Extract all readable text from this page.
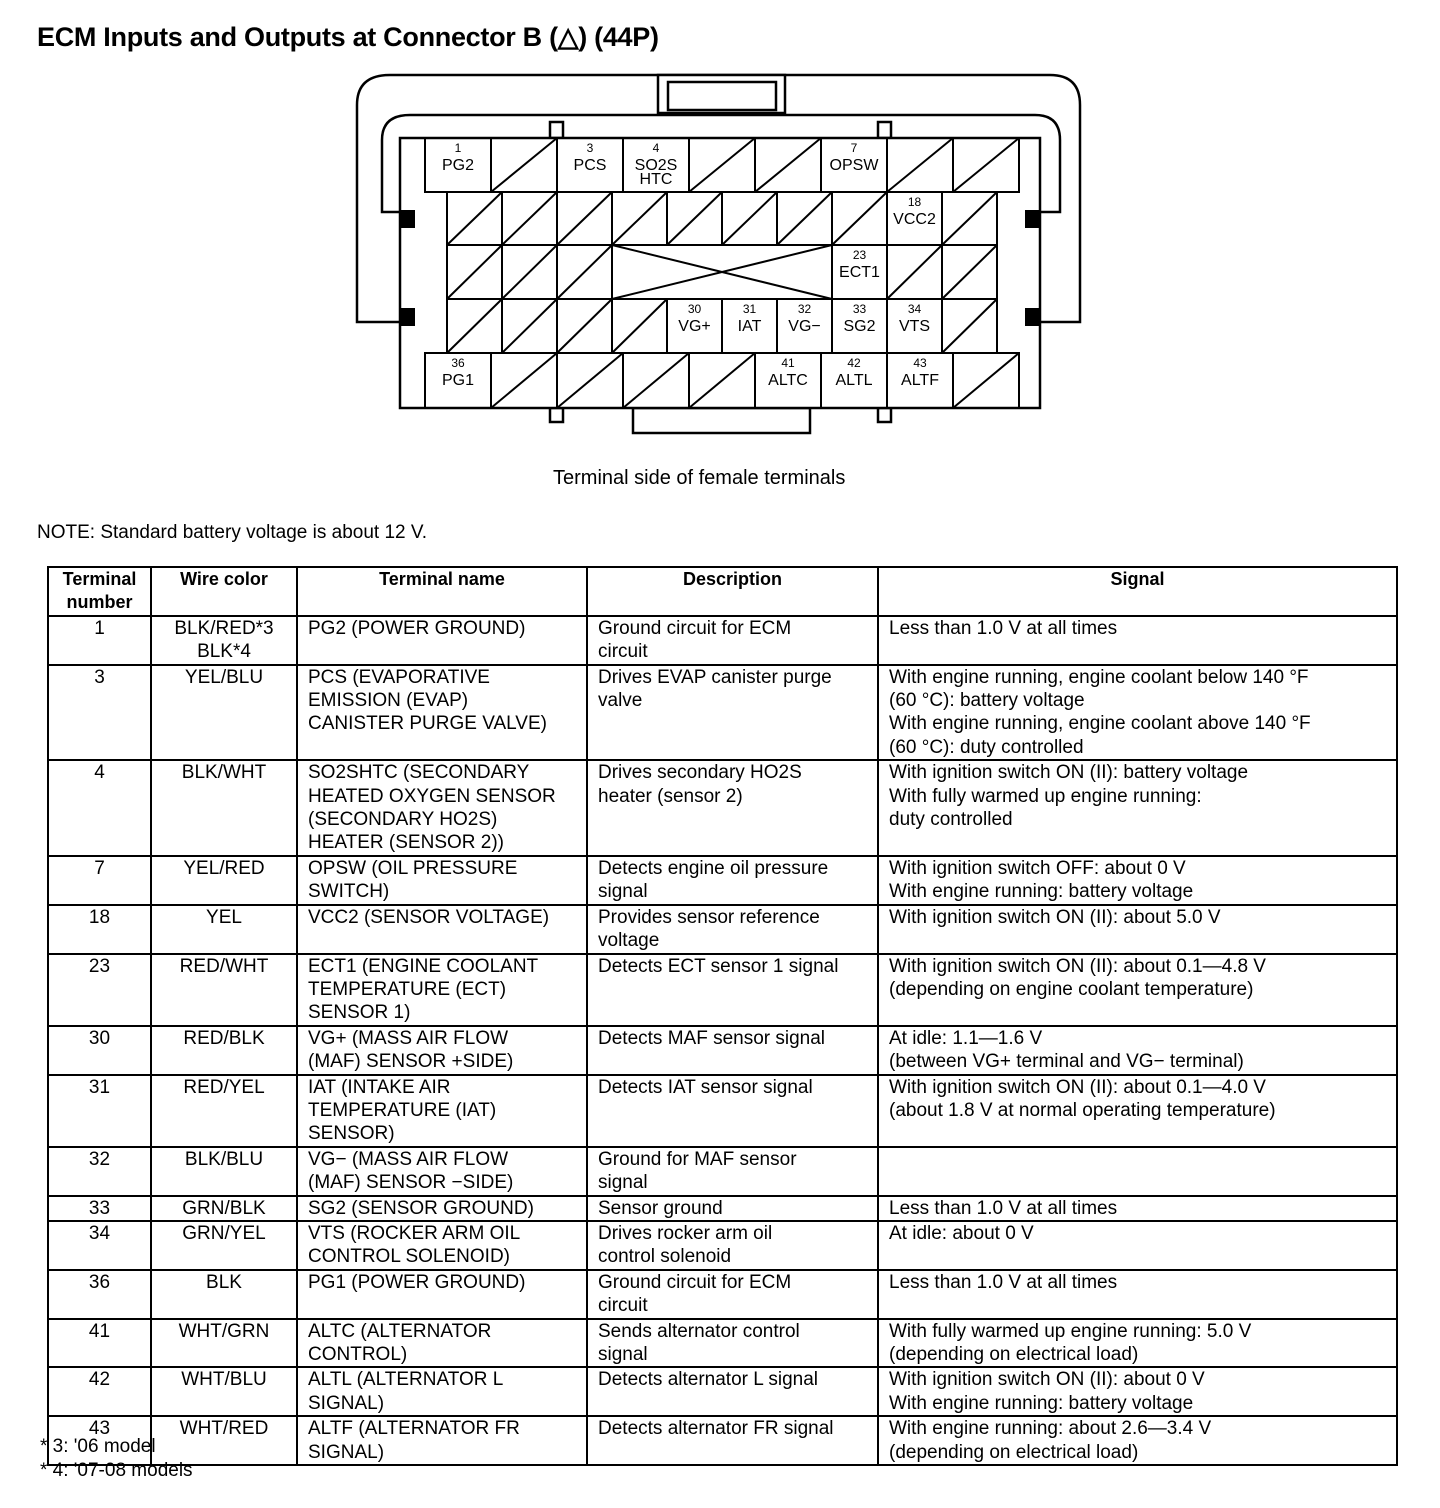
ECM Inputs and Outputs at Connector B (△) (44P)
1
PG2
3
PCS
4
SO2S
HTC
7
OPSW
18
VCC2
23
ECT1
30
VG+
31
IAT
32
VG−
33
SG2
34
VTS
36
PG1
41
ALTC
42
ALTL
43
ALTF
Terminal side of female terminals
NOTE: Standard battery voltage is about 12 V.
Terminal
number	Wire color	Terminal name	Description	Signal
1	BLK/RED*3
BLK*4	PG2 (POWER GROUND)	Ground circuit for ECM
circuit	Less than 1.0 V at all times
3	YEL/BLU	PCS (EVAPORATIVE
EMISSION (EVAP)
CANISTER PURGE VALVE)	Drives EVAP canister purge
valve	With engine running, engine coolant below 140 °F
(60 °C): battery voltage
With engine running, engine coolant above 140 °F
(60 °C): duty controlled
4	BLK/WHT	SO2SHTC (SECONDARY
HEATED OXYGEN SENSOR
(SECONDARY HO2S)
HEATER (SENSOR 2))	Drives secondary HO2S
heater (sensor 2)	With ignition switch ON (II): battery voltage
With fully warmed up engine running:
duty controlled
7	YEL/RED	OPSW (OIL PRESSURE
SWITCH)	Detects engine oil pressure
signal	With ignition switch OFF: about 0 V
With engine running: battery voltage
18	YEL	VCC2 (SENSOR VOLTAGE)	Provides sensor reference
voltage	With ignition switch ON (II): about 5.0 V
23	RED/WHT	ECT1 (ENGINE COOLANT
TEMPERATURE (ECT)
SENSOR 1)	Detects ECT sensor 1 signal	With ignition switch ON (II): about 0.1—4.8 V
(depending on engine coolant temperature)
30	RED/BLK	VG+ (MASS AIR FLOW
(MAF) SENSOR +SIDE)	Detects MAF sensor signal	At idle: 1.1—1.6 V
(between VG+ terminal and VG− terminal)
31	RED/YEL	IAT (INTAKE AIR
TEMPERATURE (IAT)
SENSOR)	Detects IAT sensor signal	With ignition switch ON (II): about 0.1—4.0 V
(about 1.8 V at normal operating temperature)
32	BLK/BLU	VG− (MASS AIR FLOW
(MAF) SENSOR −SIDE)	Ground for MAF sensor
signal	
33	GRN/BLK	SG2 (SENSOR GROUND)	Sensor ground	Less than 1.0 V at all times
34	GRN/YEL	VTS (ROCKER ARM OIL
CONTROL SOLENOID)	Drives rocker arm oil
control solenoid	At idle: about 0 V
36	BLK	PG1 (POWER GROUND)	Ground circuit for ECM
circuit	Less than 1.0 V at all times
41	WHT/GRN	ALTC (ALTERNATOR
CONTROL)	Sends alternator control
signal	With fully warmed up engine running: 5.0 V
(depending on electrical load)
42	WHT/BLU	ALTL (ALTERNATOR L
SIGNAL)	Detects alternator L signal	With ignition switch ON (II): about 0 V
With engine running: battery voltage
43	WHT/RED	ALTF (ALTERNATOR FR
SIGNAL)	Detects alternator FR signal	With engine running: about 2.6—3.4 V
(depending on electrical load)
* 3: '06 model
* 4: '07-08 models
